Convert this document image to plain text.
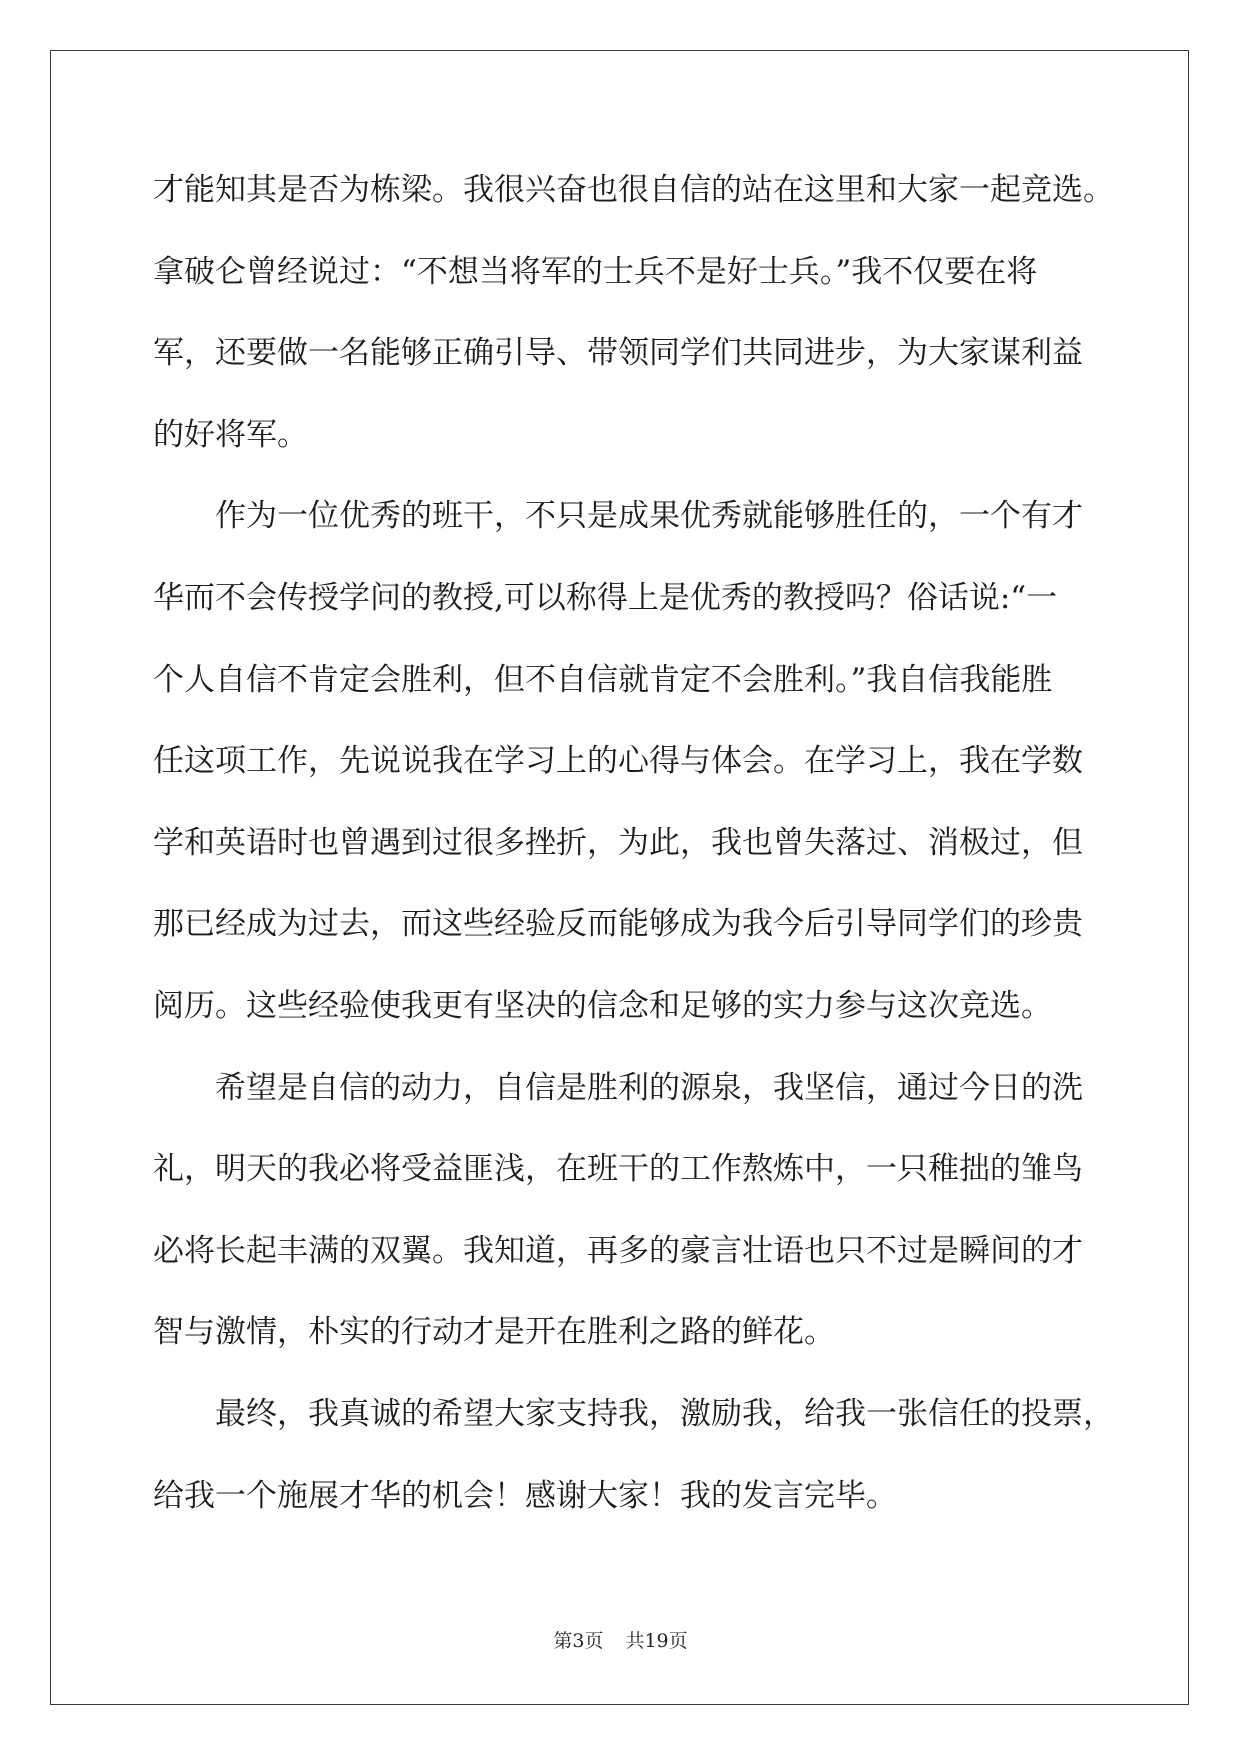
才能知其是否为栋梁。我很兴奋也很自信的站在这里和大家一起竞选。
拿破仑曾经说过：“不想当将军的士兵不是好士兵。”我不仅要在将
军，还要做一名能够正确引导、带领同学们共同进步，为大家谋利益
的好将军。
作为一位优秀的班干，不只是成果优秀就能够胜任的，一个有才
华而不会传授学问的教授,可以称得上是优秀的教授吗？俗话说:“一
个人自信不肯定会胜利，但不自信就肯定不会胜利。”我自信我能胜
任这项工作，先说说我在学习上的心得与体会。在学习上，我在学数
学和英语时也曾遇到过很多挫折，为此，我也曾失落过、消极过，但
那已经成为过去，而这些经验反而能够成为我今后引导同学们的珍贵
阅历。这些经验使我更有坚决的信念和足够的实力参与这次竞选。
希望是自信的动力，自信是胜利的源泉，我坚信，通过今日的洗
礼，明天的我必将受益匪浅，在班干的工作熬炼中，一只稚拙的雏鸟
必将长起丰满的双翼。我知道，再多的豪言壮语也只不过是瞬间的才
智与激情，朴实的行动才是开在胜利之路的鲜花。
最终，我真诚的希望大家支持我，激励我，给我一张信任的投票，
给我一个施展才华的机会！感谢大家！我的发言完毕。
第3页 共19页
